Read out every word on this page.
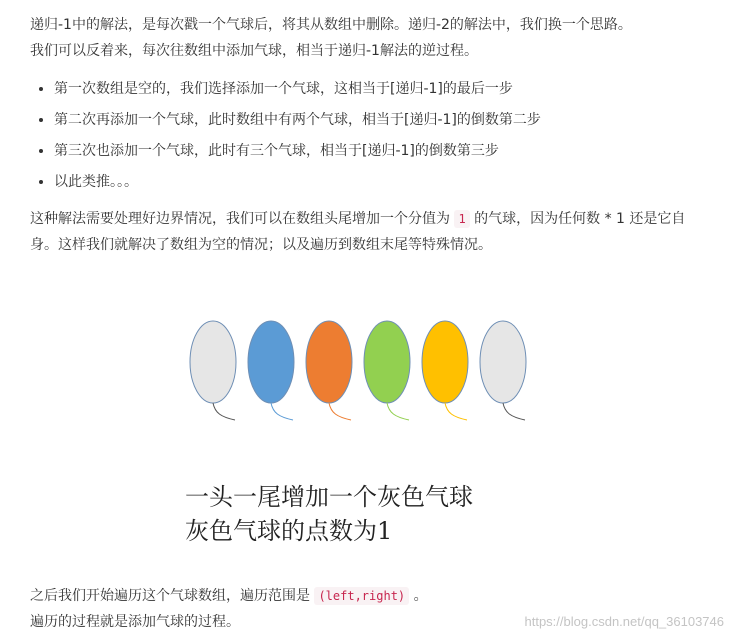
递归-1中的解法，是每次戳一个气球后，将其从数组中删除。递归-2的解法中，我们换一个思路。
我们可以反着来，每次往数组中添加气球，相当于递归-1解法的逆过程。

• 第一次数组是空的，我们选择添加一个气球，这相当于[递归-1]的最后一步
• 第二次再添加一个气球，此时数组中有两个气球，相当于[递归-1]的倒数第二步
• 第三次也添加一个气球，此时有三个气球，相当于[递归-1]的倒数第三步
• 以此类推。。。

这种解法需要处理好边界情况，我们可以在数组头尾增加一个分值为 1 的气球，因为任何数 * 1 还是它自身。这样我们就解决了数组为空的情况；以及遍历到数组末尾等特殊情况。

一头一尾增加一个灰色气球
灰色气球的点数为1

之后我们开始遍历这个气球数组，遍历范围是 (left,right) 。

遍历的过程就是添加气球的过程。	https://blog.csdn.net/qq_36103746
